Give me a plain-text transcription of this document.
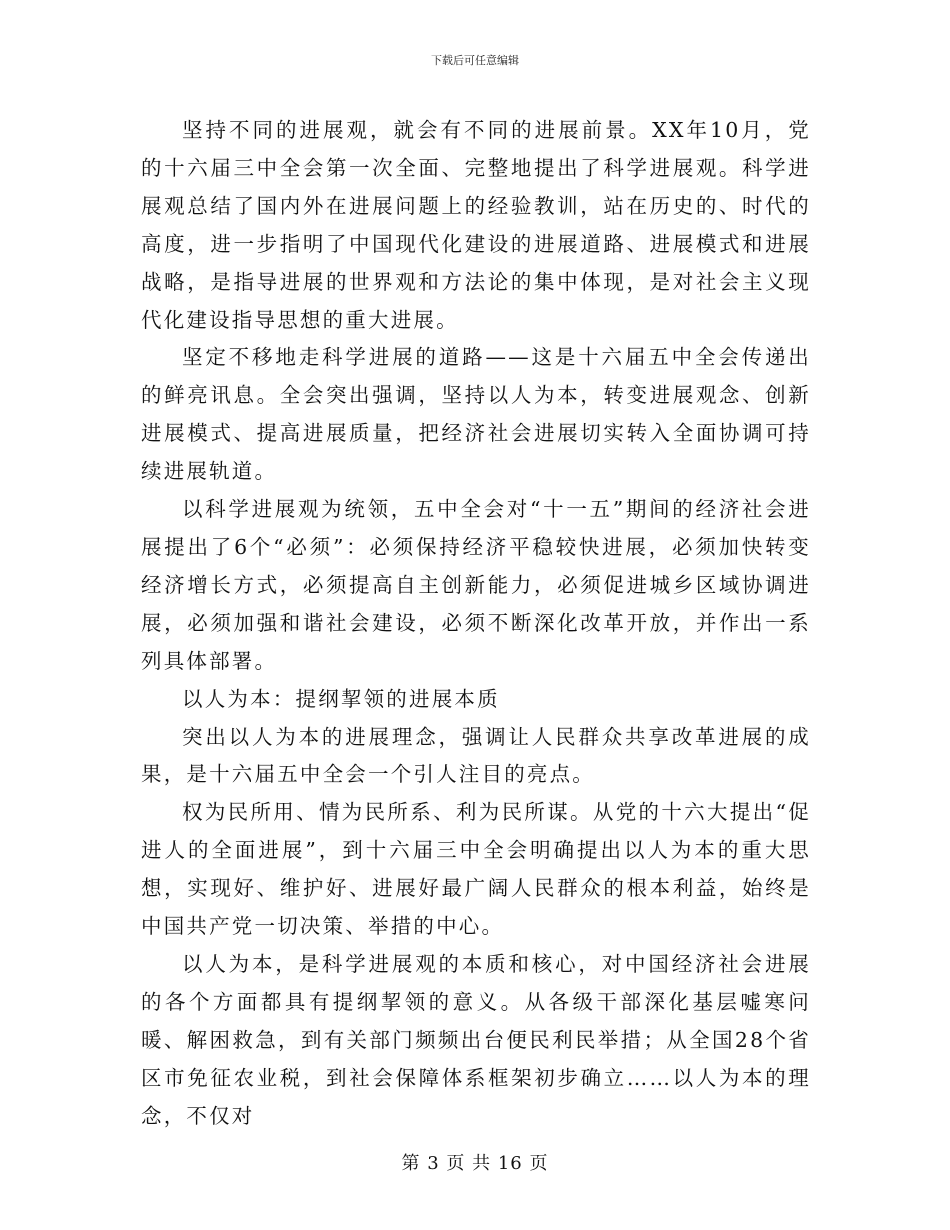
下载后可任意编辑

坚持不同的进展观，就会有不同的进展前景。XX年10月，党的十六届三中全会第一次全面、完整地提出了科学进展观。科学进展观总结了国内外在进展问题上的经验教训，站在历史的、时代的高度，进一步指明了中国现代化建设的进展道路、进展模式和进展战略，是指导进展的世界观和方法论的集中体现，是对社会主义现代化建设指导思想的重大进展。

坚定不移地走科学进展的道路——这是十六届五中全会传递出的鲜亮讯息。全会突出强调，坚持以人为本，转变进展观念、创新进展模式、提高进展质量，把经济社会进展切实转入全面协调可持续进展轨道。

以科学进展观为统领，五中全会对“十一五”期间的经济社会进展提出了6个“必须”：必须保持经济平稳较快进展，必须加快转变经济增长方式，必须提高自主创新能力，必须促进城乡区域协调进展，必须加强和谐社会建设，必须不断深化改革开放，并作出一系列具体部署。

以人为本：提纲挈领的进展本质

突出以人为本的进展理念，强调让人民群众共享改革进展的成果，是十六届五中全会一个引人注目的亮点。

权为民所用、情为民所系、利为民所谋。从党的十六大提出“促进人的全面进展”，到十六届三中全会明确提出以人为本的重大思想，实现好、维护好、进展好最广阔人民群众的根本利益，始终是中国共产党一切决策、举措的中心。

以人为本，是科学进展观的本质和核心，对中国经济社会进展的各个方面都具有提纲挈领的意义。从各级干部深化基层嘘寒问暖、解困救急，到有关部门频频出台便民利民举措；从全国28个省区市免征农业税，到社会保障体系框架初步确立……以人为本的理念，不仅对

第 3 页 共 16 页
